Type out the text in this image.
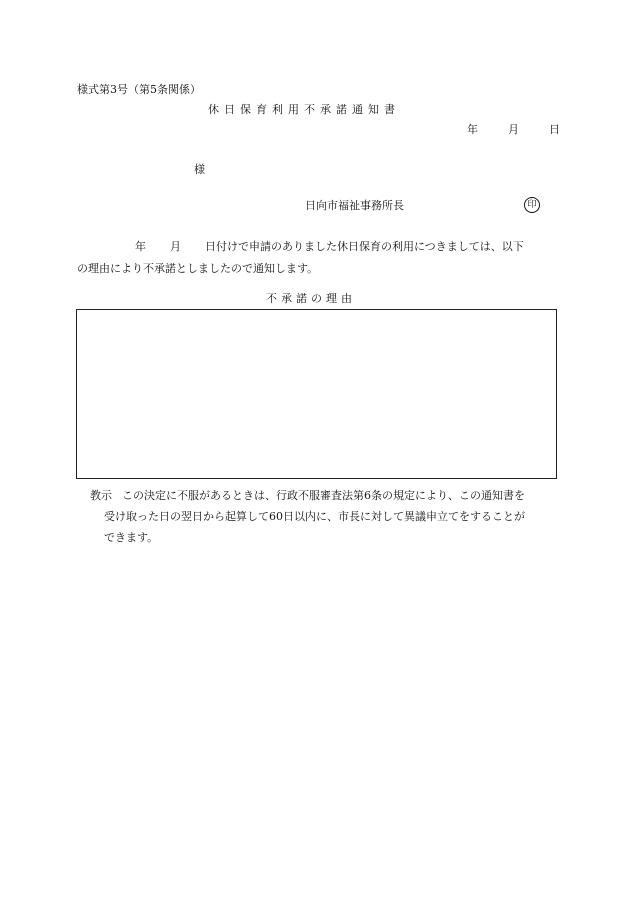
様式第3号（第5条関係）
休日保育利用不承諾通知書
年	月	日
様
日向市福祉事務所長	印
年 月 日付けで申請のありました休日保育の利用につきましては、以下
の理由により不承諾としましたので通知します。
不承諾の理由
教示 この決定に不服があるときは、行政不服審査法第6条の規定により、この通知書を
受け取った日の翌日から起算して60日以内に、市長に対して異議申立てをすることが
できます。
